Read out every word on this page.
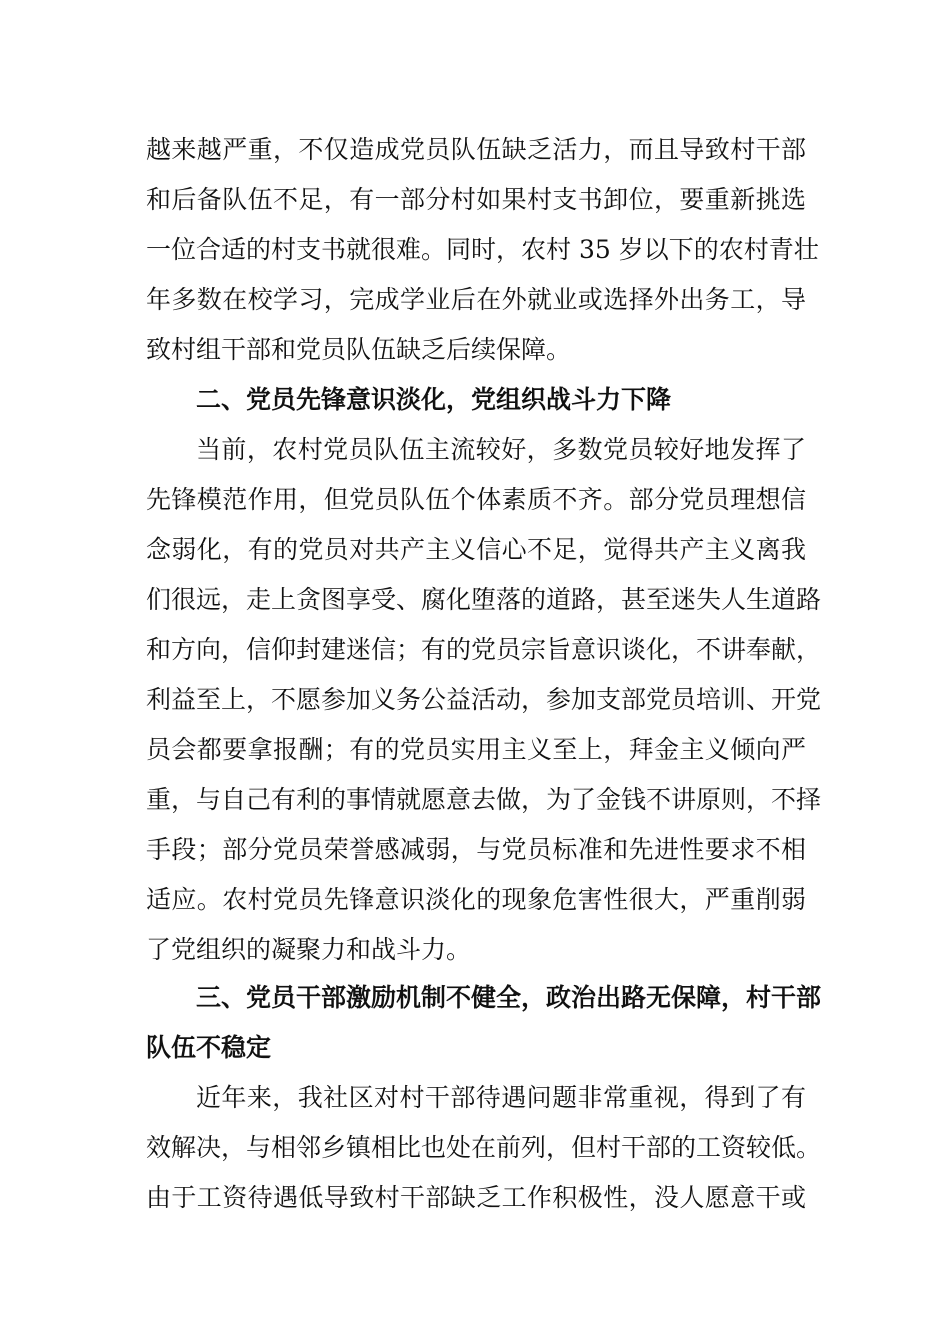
越来越严重，不仅造成党员队伍缺乏活力，而且导致村干部
和后备队伍不足，有一部分村如果村支书卸位，要重新挑选
一位合适的村支书就很难。同时，农村 35 岁以下的农村青壮
年多数在校学习，完成学业后在外就业或选择外出务工，导
致村组干部和党员队伍缺乏后续保障。
二、党员先锋意识淡化，党组织战斗力下降
当前，农村党员队伍主流较好，多数党员较好地发挥了
先锋模范作用，但党员队伍个体素质不齐。部分党员理想信
念弱化，有的党员对共产主义信心不足，觉得共产主义离我
们很远，走上贪图享受、腐化堕落的道路，甚至迷失人生道路
和方向，信仰封建迷信；有的党员宗旨意识谈化，不讲奉献，
利益至上，不愿参加义务公益活动，参加支部党员培训、开党
员会都要拿报酬；有的党员实用主义至上，拜金主义倾向严
重，与自己有利的事情就愿意去做，为了金钱不讲原则，不择
手段；部分党员荣誉感减弱，与党员标准和先进性要求不相
适应。农村党员先锋意识淡化的现象危害性很大，严重削弱
了党组织的凝聚力和战斗力。
三、党员干部激励机制不健全，政治出路无保障，村干部
队伍不稳定
近年来，我社区对村干部待遇问题非常重视，得到了有
效解决，与相邻乡镇相比也处在前列，但村干部的工资较低。
由于工资待遇低导致村干部缺乏工作积极性，没人愿意干或
